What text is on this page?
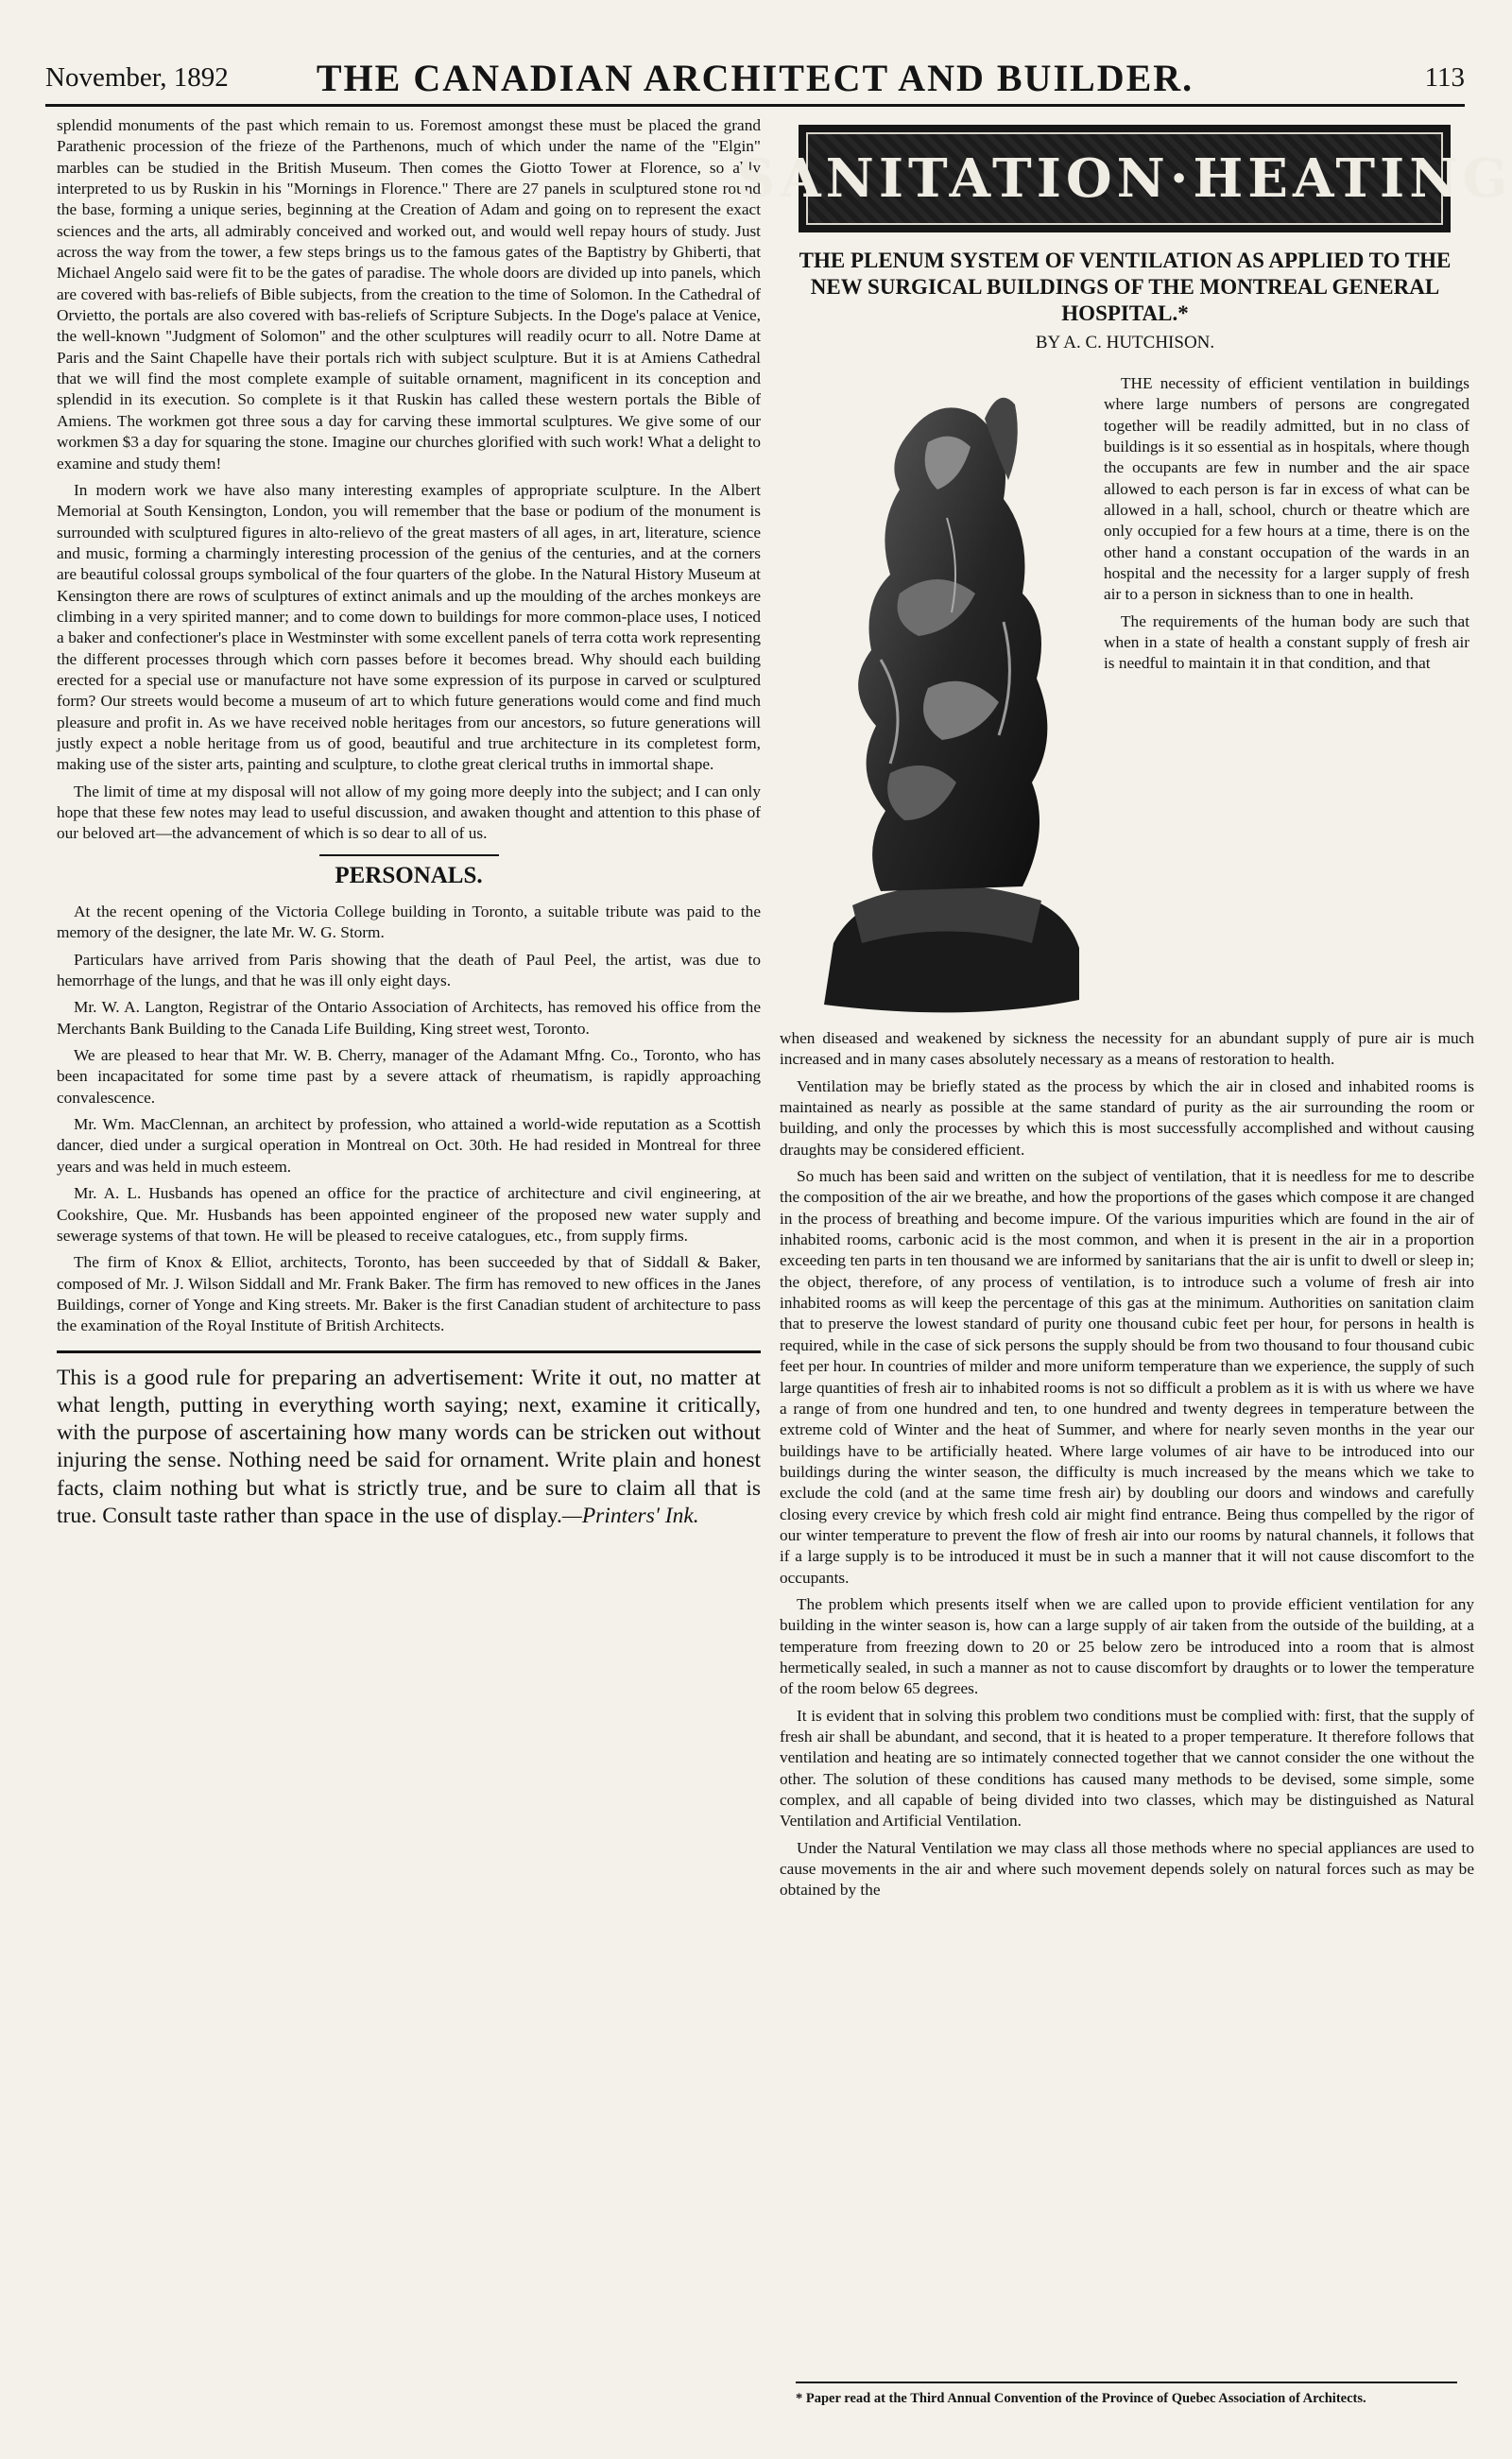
November, 1892	THE CANADIAN ARCHITECT AND BUILDER.	113

splendid monuments of the past which remain to us. Foremost amongst these must be placed the grand Parathenic procession of the frieze of the Parthenons, much of which under the name of the "Elgin" marbles can be studied in the British Museum. Then comes the Giotto Tower at Florence, so ably interpreted to us by Ruskin in his "Mornings in Florence." There are 27 panels in sculptured stone round the base, forming a unique series, beginning at the Creation of Adam and going on to represent the exact sciences and the arts, all admirably conceived and worked out, and would well repay hours of study. Just across the way from the tower, a few steps brings us to the famous gates of the Baptistry by Ghiberti, that Michael Angelo said were fit to be the gates of paradise. The whole doors are divided up into panels, which are covered with bas-reliefs of Bible subjects, from the creation to the time of Solomon. In the Cathedral of Orvietto, the portals are also covered with bas-reliefs of Scripture Subjects. In the Doge's palace at Venice, the well-known "Judgment of Solomon" and the other sculptures will readily ocurr to all. Notre Dame at Paris and the Saint Chapelle have their portals rich with subject sculpture. But it is at Amiens Cathedral that we will find the most complete example of suitable ornament, magnificent in its conception and splendid in its execution. So complete is it that Ruskin has called these western portals the Bible of Amiens. The workmen got three sous a day for carving these immortal sculptures. We give some of our workmen $3 a day for squaring the stone. Imagine our churches glorified with such work! What a delight to examine and study them!

In modern work we have also many interesting examples of appropriate sculpture. In the Albert Memorial at South Kensington, London, you will remember that the base or podium of the monument is surrounded with sculptured figures in alto-relievo of the great masters of all ages, in art, literature, science and music, forming a charmingly interesting procession of the genius of the centuries, and at the corners are beautiful colossal groups symbolical of the four quarters of the globe. In the Natural History Museum at Kensington there are rows of sculptures of extinct animals and up the moulding of the arches monkeys are climbing in a very spirited manner; and to come down to buildings for more common-place uses, I noticed a baker and confectioner's place in Westminster with some excellent panels of terra cotta work representing the different processes through which corn passes before it becomes bread. Why should each building erected for a special use or manufacture not have some expression of its purpose in carved or sculptured form? Our streets would become a museum of art to which future generations would come and find much pleasure and profit in. As we have received noble heritages from our ancestors, so future generations will justly expect a noble heritage from us of good, beautiful and true architecture in its completest form, making use of the sister arts, painting and sculpture, to clothe great clerical truths in immortal shape.

The limit of time at my disposal will not allow of my going more deeply into the subject; and I can only hope that these few notes may lead to useful discussion, and awaken thought and attention to this phase of our beloved art—the advancement of which is so dear to all of us.

PERSONALS.

At the recent opening of the Victoria College building in Toronto, a suitable tribute was paid to the memory of the designer, the late Mr. W. G. Storm.

Particulars have arrived from Paris showing that the death of Paul Peel, the artist, was due to hemorrhage of the lungs, and that he was ill only eight days.

Mr. W. A. Langton, Registrar of the Ontario Association of Architects, has removed his office from the Merchants Bank Building to the Canada Life Building, King street west, Toronto.

We are pleased to hear that Mr. W. B. Cherry, manager of the Adamant Mfng. Co., Toronto, who has been incapacitated for some time past by a severe attack of rheumatism, is rapidly approaching convalescence.

Mr. Wm. MacClennan, an architect by profession, who attained a world-wide reputation as a Scottish dancer, died under a surgical operation in Montreal on Oct. 30th. He had resided in Montreal for three years and was held in much esteem.

Mr. A. L. Husbands has opened an office for the practice of architecture and civil engineering, at Cookshire, Que. Mr. Husbands has been appointed engineer of the proposed new water supply and sewerage systems of that town. He will be pleased to receive catalogues, etc., from supply firms.

The firm of Knox & Elliot, architects, Toronto, has been succeeded by that of Siddall & Baker, composed of Mr. J. Wilson Siddall and Mr. Frank Baker. The firm has removed to new offices in the Janes Buildings, corner of Yonge and King streets. Mr. Baker is the first Canadian student of architecture to pass the examination of the Royal Institute of British Architects.

This is a good rule for preparing an advertisement: Write it out, no matter at what length, putting in everything worth saying; next, examine it critically, with the purpose of ascertaining how many words can be stricken out without injuring the sense. Nothing need be said for ornament. Write plain and honest facts, claim nothing but what is strictly true, and be sure to claim all that is true. Consult taste rather than space in the use of display.—Printers' Ink.

SANITATION·HEATING
THE PLENUM SYSTEM OF VENTILATION AS APPLIED TO THE NEW SURGICAL BUILDINGS OF THE MONTREAL GENERAL HOSPITAL.*
BY A. C. HUTCHISON.

THE necessity of efficient ventilation in buildings where large numbers of persons are congregated together will be readily admitted, but in no class of buildings is it so essential as in hospitals, where though the occupants are few in number and the air space allowed to each person is far in excess of what can be allowed in a hall, school, church or theatre which are only occupied for a few hours at a time, there is on the other hand a constant occupation of the wards in an hospital and the necessity for a larger supply of fresh air to a person in sickness than to one in health.

The requirements of the human body are such that when in a state of health a constant supply of fresh air is needful to maintain it in that condition, and that

when diseased and weakened by sickness the necessity for an abundant supply of pure air is much increased and in many cases absolutely necessary as a means of restoration to health.

Ventilation may be briefly stated as the process by which the air in closed and inhabited rooms is maintained as nearly as possible at the same standard of purity as the air surrounding the room or building, and only the processes by which this is most successfully accomplished and without causing draughts may be considered efficient.

So much has been said and written on the subject of ventilation, that it is needless for me to describe the composition of the air we breathe, and how the proportions of the gases which compose it are changed in the process of breathing and become impure. Of the various impurities which are found in the air of inhabited rooms, carbonic acid is the most common, and when it is present in the air in a proportion exceeding ten parts in ten thousand we are informed by sanitarians that the air is unfit to dwell or sleep in; the object, therefore, of any process of ventilation, is to introduce such a volume of fresh air into inhabited rooms as will keep the percentage of this gas at the minimum. Authorities on sanitation claim that to preserve the lowest standard of purity one thousand cubic feet per hour, for persons in health is required, while in the case of sick persons the supply should be from two thousand to four thousand cubic feet per hour. In countries of milder and more uniform temperature than we experience, the supply of such large quantities of fresh air to inhabited rooms is not so difficult a problem as it is with us where we have a range of from one hundred and ten, to one hundred and twenty degrees in temperature between the extreme cold of Winter and the heat of Summer, and where for nearly seven months in the year our buildings have to be artificially heated. Where large volumes of air have to be introduced into our buildings during the winter season, the difficulty is much increased by the means which we take to exclude the cold (and at the same time fresh air) by doubling our doors and windows and carefully closing every crevice by which fresh cold air might find entrance. Being thus compelled by the rigor of our winter temperature to prevent the flow of fresh air into our rooms by natural channels, it follows that if a large supply is to be introduced it must be in such a manner that it will not cause discomfort to the occupants.

The problem which presents itself when we are called upon to provide efficient ventilation for any building in the winter season is, how can a large supply of air taken from the outside of the building, at a temperature from freezing down to 20 or 25 below zero be introduced into a room that is almost hermetically sealed, in such a manner as not to cause discomfort by draughts or to lower the temperature of the room below 65 degrees.

It is evident that in solving this problem two conditions must be complied with: first, that the supply of fresh air shall be abundant, and second, that it is heated to a proper temperature. It therefore follows that ventilation and heating are so intimately connected together that we cannot consider the one without the other. The solution of these conditions has caused many methods to be devised, some simple, some complex, and all capable of being divided into two classes, which may be distinguished as Natural Ventilation and Artificial Ventilation.

Under the Natural Ventilation we may class all those methods where no special appliances are used to cause movements in the air and where such movement depends solely on natural forces such as may be obtained by the

* Paper read at the Third Annual Convention of the Province of Quebec Association of Architects.
